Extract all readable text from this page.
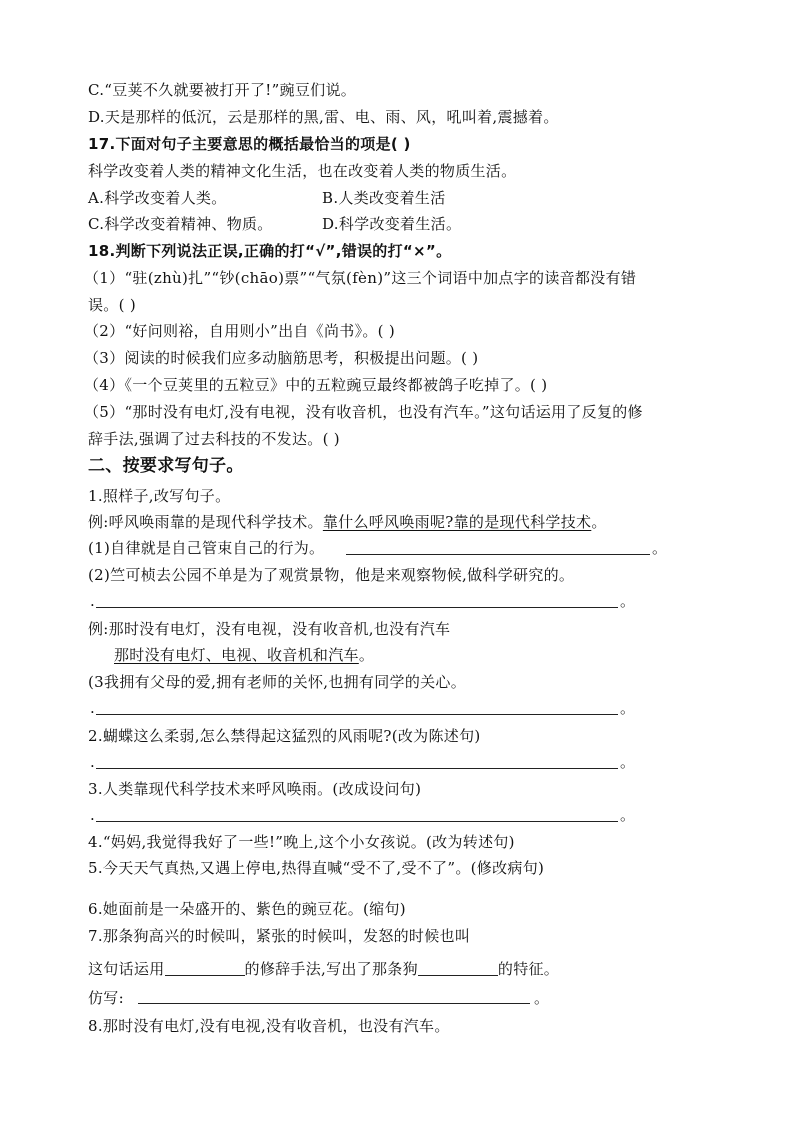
C.“豆荚不久就要被打开了!”豌豆们说。
D.天是那样的低沉，云是那样的黑,雷、电、雨、风，吼叫着,震撼着。
17.下面对句子主要意思的概括最恰当的项是( )
科学改变着人类的精神文化生活，也在改变着人类的物质生活。
A.科学改变着人类。	B.人类改变着生活
C.科学改变着精神、物质。	D.科学改变着生活。
18.判断下列说法正误,正确的打“√”,错误的打“×”。
（1）“驻(zhù)扎”“钞(chāo)票”“气氛(fèn)”这三个词语中加点字的读音都没有错
误。( )
（2）“好问则裕，自用则小”出自《尚书》。( )
（3）阅读的时候我们应多动脑筋思考，积极提出问题。( )
（4）《一个豆荚里的五粒豆》中的五粒豌豆最终都被鸽子吃掉了。( )
（5）“那时没有电灯,没有电视，没有收音机，也没有汽车。”这句话运用了反复的修
辞手法,强调了过去科技的不发达。( )
二、按要求写句子。
1.照样子,改写句子。
例:呼风唤雨靠的是现代科学技术。靠什么呼风唤雨呢?靠的是现代科学技术。
(1)自律就是自己管束自己的行为。	。
(2)竺可桢去公园不单是为了观赏景物，他是来观察物候,做科学研究的。
.	。
例:那时没有电灯，没有电视，没有收音机,也没有汽车
那时没有电灯、电视、收音机和汽车。
(3我拥有父母的爱,拥有老师的关怀,也拥有同学的关心。
.	。
2.蝴蝶这么柔弱,怎么禁得起这猛烈的风雨呢?(改为陈述句)
.	。
3.人类靠现代科学技术来呼风唤雨。(改成设问句)
.	。
4.“妈妈,我觉得我好了一些!”晚上,这个小女孩说。(改为转述句)
5.今天天气真热,又遇上停电,热得直喊“受不了,受不了”。(修改病句)
6.她面前是一朵盛开的、紫色的豌豆花。(缩句)
7.那条狗高兴的时候叫，紧张的时候叫，发怒的时候也叫
这句话运用	的修辞手法,写出了那条狗	的特征。
仿写:	。
8.那时没有电灯,没有电视,没有收音机，也没有汽车。
